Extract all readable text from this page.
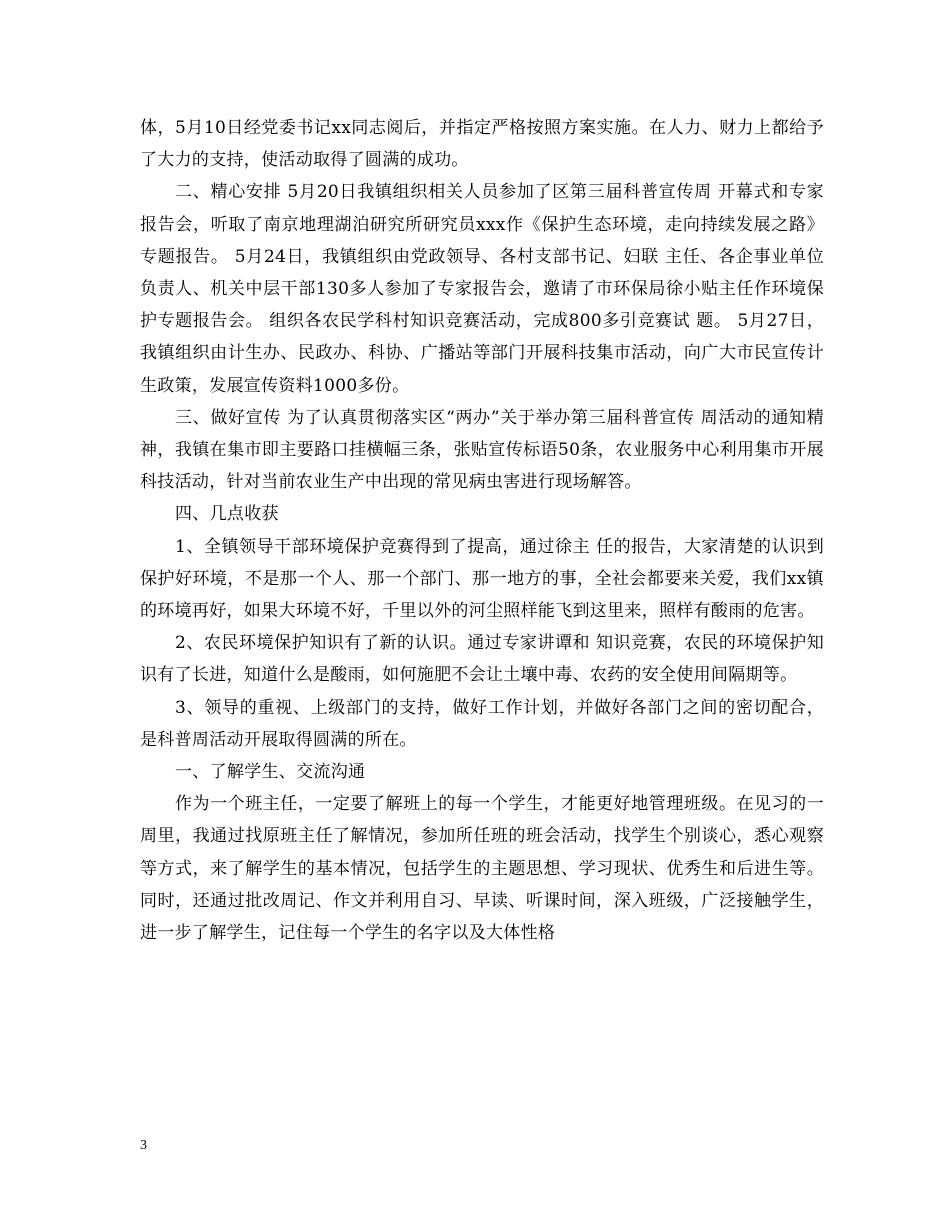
体，5月10日经党委书记xx同志阅后，并指定严格按照方案实施。在人力、财力上都给予了大力的支持，使活动取得了圆满的成功。

二、精心安排 5月20日我镇组织相关人员参加了区第三届科普宣传周 开幕式和专家报告会，听取了南京地理湖泊研究所研究员xxx作《保护生态环境，走向持续发展之路》专题报告。 5月24日，我镇组织由党政领导、各村支部书记、妇联 主任、各企事业单位负责人、机关中层干部130多人参加了专家报告会，邀请了市环保局徐小贴主任作环境保护专题报告会。 组织各农民学科村知识竞赛活动，完成800多引竞赛试 题。 5月27日，我镇组织由计生办、民政办、科协、广播站等部门开展科技集市活动，向广大市民宣传计生政策，发展宣传资料1000多份。

三、做好宣传 为了认真贯彻落实区“两办”关于举办第三届科普宣传 周活动的通知精神，我镇在集市即主要路口挂横幅三条，张贴宣传标语50条，农业服务中心利用集市开展科技活动，针对当前农业生产中出现的常见病虫害进行现场解答。

四、几点收获

1、全镇领导干部环境保护竞赛得到了提高，通过徐主 任的报告，大家清楚的认识到保护好环境，不是那一个人、那一个部门、那一地方的事，全社会都要来关爱，我们xx镇的环境再好，如果大环境不好，千里以外的河尘照样能飞到这里来，照样有酸雨的危害。

2、农民环境保护知识有了新的认识。通过专家讲谭和 知识竞赛，农民的环境保护知识有了长进，知道什么是酸雨，如何施肥不会让土壤中毒、农药的安全使用间隔期等。

3、领导的重视、上级部门的支持，做好工作计划，并做好各部门之间的密切配合，是科普周活动开展取得圆满的所在。

一、了解学生、交流沟通

作为一个班主任，一定要了解班上的每一个学生，才能更好地管理班级。在见习的一周里，我通过找原班主任了解情况，参加所任班的班会活动，找学生个别谈心，悉心观察等方式，来了解学生的基本情况，包括学生的主题思想、学习现状、优秀生和后进生等。同时，还通过批改周记、作文并利用自习、早读、听课时间，深入班级，广泛接触学生，进一步了解学生，记住每一个学生的名字以及大体性格

3
